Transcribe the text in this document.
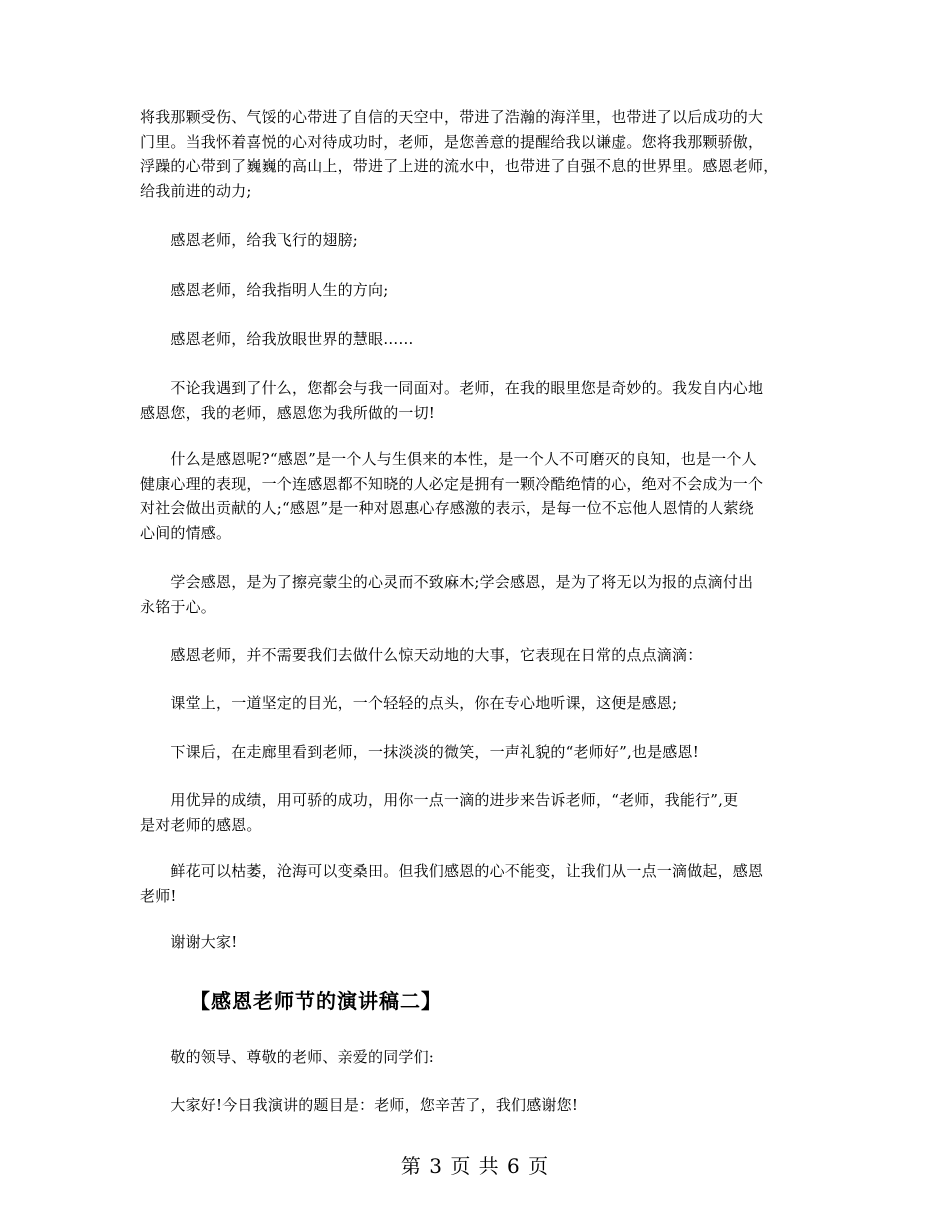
将我那颗受伤、气馁的心带进了自信的天空中，带进了浩瀚的海洋里，也带进了以后成功的大
门里。当我怀着喜悦的心对待成功时，老师，是您善意的提醒给我以谦虚。您将我那颗骄傲，
浮躁的心带到了巍巍的高山上，带进了上进的流水中，也带进了自强不息的世界里。感恩老师，
给我前进的动力;

　　感恩老师，给我飞行的翅膀;

　　感恩老师，给我指明人生的方向;

　　感恩老师，给我放眼世界的慧眼……

　　不论我遇到了什么，您都会与我一同面对。老师，在我的眼里您是奇妙的。我发自内心地
感恩您，我的老师，感恩您为我所做的一切!

　　什么是感恩呢?“感恩”是一个人与生俱来的本性，是一个人不可磨灭的良知，也是一个人
健康心理的表现，一个连感恩都不知晓的人必定是拥有一颗冷酷绝情的心，绝对不会成为一个
对社会做出贡献的人;“感恩”是一种对恩惠心存感激的表示，是每一位不忘他人恩情的人萦绕
心间的情感。

　　学会感恩，是为了擦亮蒙尘的心灵而不致麻木;学会感恩，是为了将无以为报的点滴付出
永铭于心。

　　感恩老师，并不需要我们去做什么惊天动地的大事，它表现在日常的点点滴滴：

　　课堂上，一道坚定的目光，一个轻轻的点头，你在专心地听课，这便是感恩;

　　下课后，在走廊里看到老师，一抹淡淡的微笑，一声礼貌的“老师好”,也是感恩!

　　用优异的成绩，用可骄的成功，用你一点一滴的进步来告诉老师，“老师，我能行”,更
是对老师的感恩。

　　鲜花可以枯萎，沧海可以变桑田。但我们感恩的心不能变，让我们从一点一滴做起，感恩
老师!

　　谢谢大家!

【感恩老师节的演讲稿二】

　　敬的领导、尊敬的老师、亲爱的同学们:

　　大家好!今日我演讲的题目是：老师，您辛苦了，我们感谢您!

第 3 页 共 6 页
